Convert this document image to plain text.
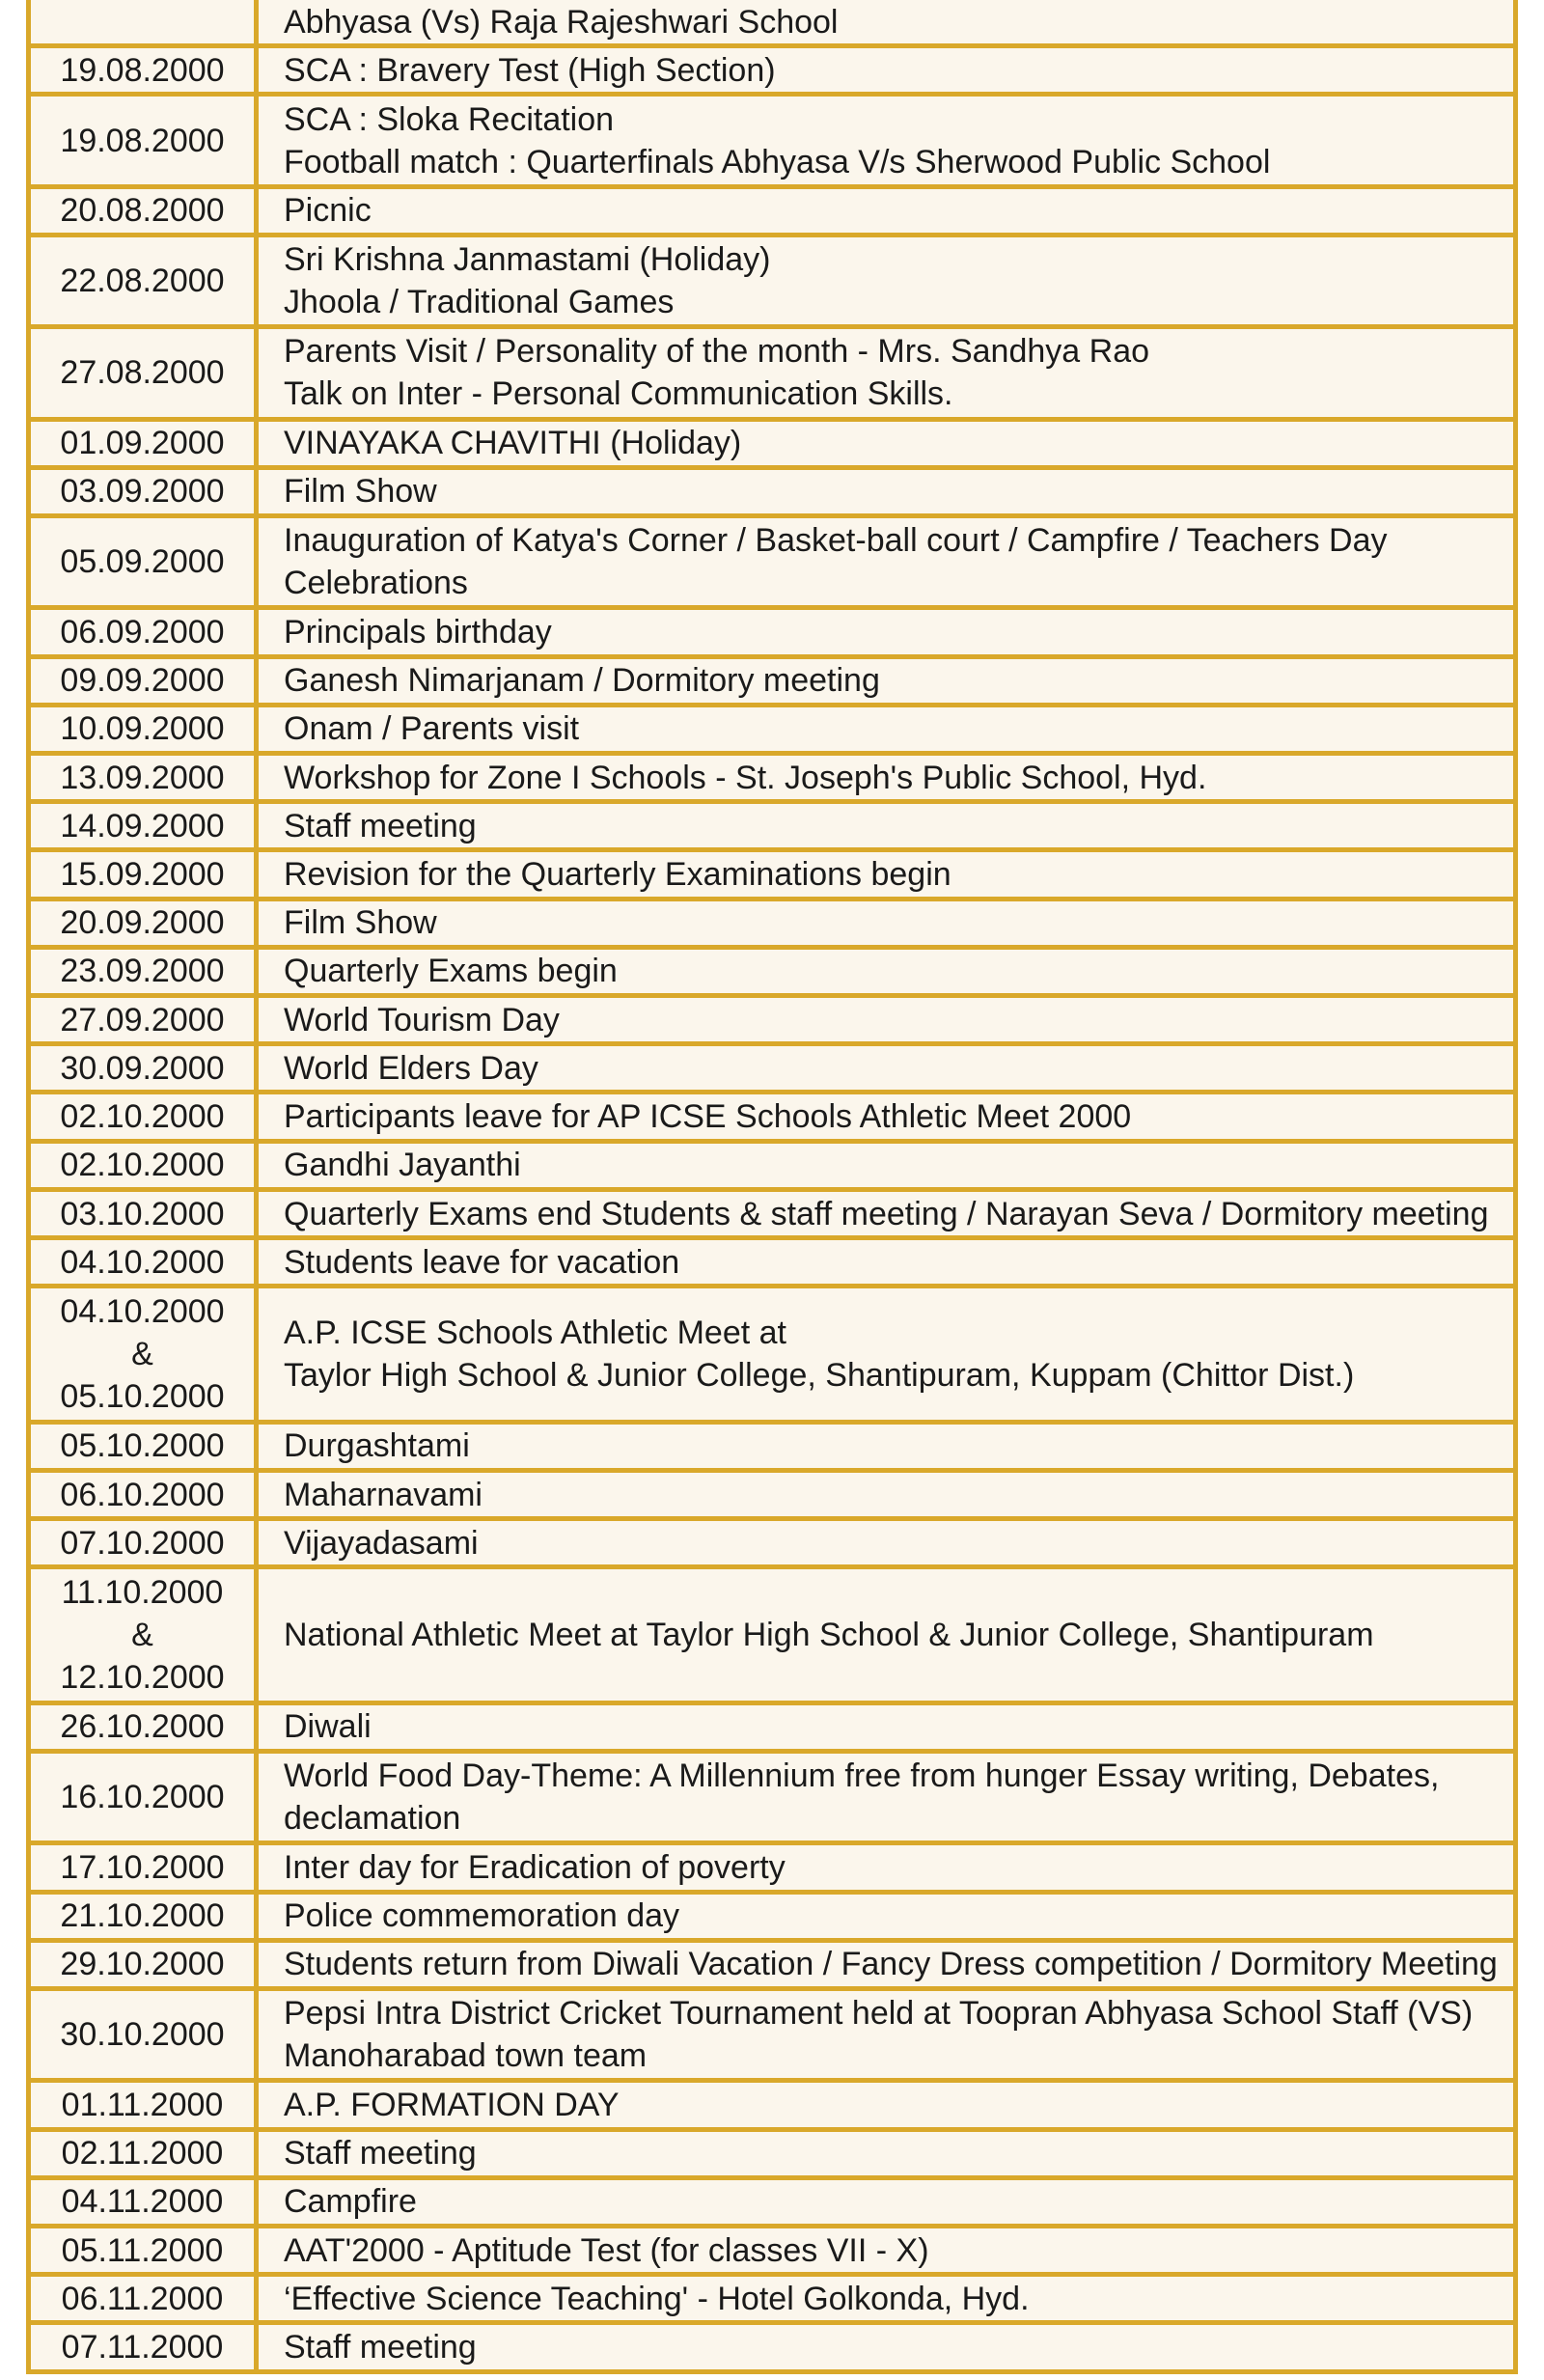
	Abhyasa (Vs) Raja Rajeshwari School

19.08.2000	SCA : Bravery Test (High Section)

19.08.2000	SCA : Sloka Recitation
Football match : Quarterfinals Abhyasa V/s Sherwood Public School

20.08.2000	Picnic

22.08.2000	Sri Krishna Janmastami (Holiday)
Jhoola / Traditional Games

27.08.2000	Parents Visit / Personality of the month - Mrs. Sandhya Rao
Talk on Inter - Personal Communication Skills.

01.09.2000	VINAYAKA CHAVITHI (Holiday)

03.09.2000	Film Show

05.09.2000	Inauguration of Katya's Corner / Basket-ball court / Campfire / Teachers Day Celebrations

06.09.2000	Principals birthday

09.09.2000	Ganesh Nimarjanam / Dormitory meeting

10.09.2000	Onam / Parents visit

13.09.2000	Workshop for Zone I Schools - St. Joseph's Public School, Hyd.

14.09.2000	Staff meeting

15.09.2000	Revision for the Quarterly Examinations begin

20.09.2000	Film Show

23.09.2000	Quarterly Exams begin

27.09.2000	World Tourism Day

30.09.2000	World Elders Day

02.10.2000	Participants leave for AP ICSE Schools Athletic Meet 2000

02.10.2000	Gandhi Jayanthi

03.10.2000	Quarterly Exams end Students & staff meeting / Narayan Seva / Dormitory meeting

04.10.2000	Students leave for vacation

04.10.2000
&
05.10.2000	A.P. ICSE Schools Athletic Meet at
Taylor High School & Junior College, Shantipuram, Kuppam (Chittor Dist.)

05.10.2000	Durgashtami

06.10.2000	Maharnavami

07.10.2000	Vijayadasami

11.10.2000
&
12.10.2000	National Athletic Meet at Taylor High School & Junior College, Shantipuram

26.10.2000	Diwali

16.10.2000	World Food Day-Theme: A Millennium free from hunger Essay writing, Debates, declamation

17.10.2000	Inter day for Eradication of poverty

21.10.2000	Police commemoration day

29.10.2000	Students return from Diwali Vacation / Fancy Dress competition / Dormitory Meeting

30.10.2000	Pepsi Intra District Cricket Tournament held at Toopran Abhyasa School Staff (VS) Manoharabad town team

01.11.2000	A.P. FORMATION DAY

02.11.2000	Staff meeting

04.11.2000	Campfire

05.11.2000	AAT'2000 - Aptitude Test (for classes VII - X)

06.11.2000	‘Effective Science Teaching' - Hotel Golkonda, Hyd.

07.11.2000	Staff meeting
